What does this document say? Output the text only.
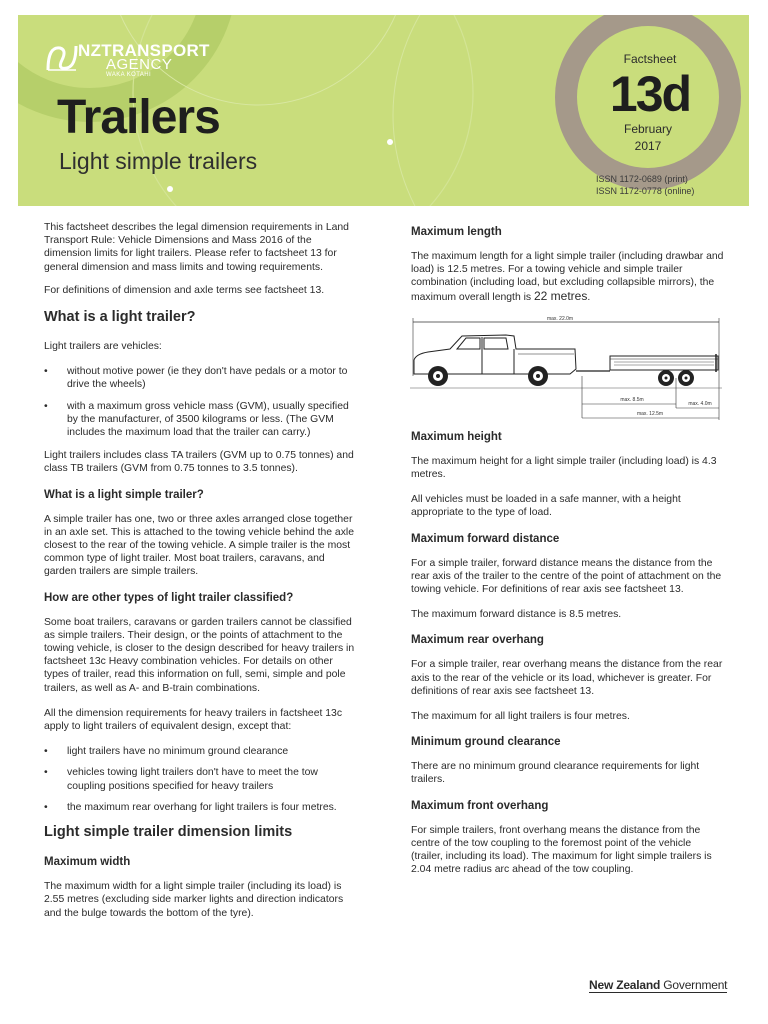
NZTRANSPORT
AGENCY
WAKA KOTAHI
Trailers
Light simple trailers
Factsheet
13d
February
2017
ISSN 1172-0689 (print)
ISSN 1172-0778 (online)

This factsheet describes the legal dimension requirements in Land Transport Rule: Vehicle Dimensions and Mass 2016 of the dimension limits for light trailers. Please refer to factsheet 13 for general dimension and mass limits and towing requirements.

For definitions of dimension and axle terms see factsheet 13.

What is a light trailer?

Light trailers are vehicles:

• without motive power (ie they don't have pedals or a motor to drive the wheels)
• with a maximum gross vehicle mass (GVM), usually specified by the manufacturer, of 3500 kilograms or less. (The GVM includes the maximum load that the trailer can carry.)

Light trailers includes class TA trailers (GVM up to 0.75 tonnes) and class TB trailers (GVM from 0.75 tonnes to 3.5 tonnes).

What is a light simple trailer?

A simple trailer has one, two or three axles arranged close together in an axle set. This is attached to the towing vehicle behind the axle closest to the rear of the towing vehicle. A simple trailer is the most common type of light trailer. Most boat trailers, caravans, and garden trailers are simple trailers.

How are other types of light trailer classified?

Some boat trailers, caravans or garden trailers cannot be classified as simple trailers. Their design, or the points of attachment to the towing vehicle, is closer to the design described for heavy trailers in factsheet 13c Heavy combination vehicles. For details on other types of trailer, read this information on full, semi, simple and pole trailers, as well as A- and B-train combinations.

All the dimension requirements for heavy trailers in factsheet 13c apply to light trailers of equivalent design, except that:

• light trailers have no minimum ground clearance
• vehicles towing light trailers don't have to meet the tow coupling positions specified for heavy trailers
• the maximum rear overhang for light trailers is four metres.
Light simple trailer dimension limits
Maximum width

The maximum width for a light simple trailer (including its load) is 2.55 metres (excluding side marker lights and direction indicators and the bulge towards the bottom of the tyre).

Maximum length

The maximum length for a light simple trailer (including drawbar and load) is 12.5 metres. For a towing vehicle and simple trailer combination (including load, but excluding collapsible mirrors), the maximum overall length is 22 metres.

max. 22.0m
max. 8.5m
max. 4.0m
max. 12.5m
Maximum height

The maximum height for a light simple trailer (including load) is 4.3 metres.

All vehicles must be loaded in a safe manner, with a height appropriate to the type of load.

Maximum forward distance

For a simple trailer, forward distance means the distance from the rear axis of the trailer to the centre of the point of attachment on the towing vehicle. For definitions of rear axis see factsheet 13.

The maximum forward distance is 8.5 metres.

Maximum rear overhang

For a simple trailer, rear overhang means the distance from the rear axis to the rear of the vehicle or its load, whichever is greater. For definitions of rear axis see factsheet 13.

The maximum for all light trailers is four metres.

Minimum ground clearance

There are no minimum ground clearance requirements for light trailers.

Maximum front overhang

For simple trailers, front overhang means the distance from the centre of the tow coupling to the foremost point of the vehicle (trailer, including its load). The maximum for light simple trailers is 2.04 metre radius arc ahead of the tow coupling.

New Zealand Government
